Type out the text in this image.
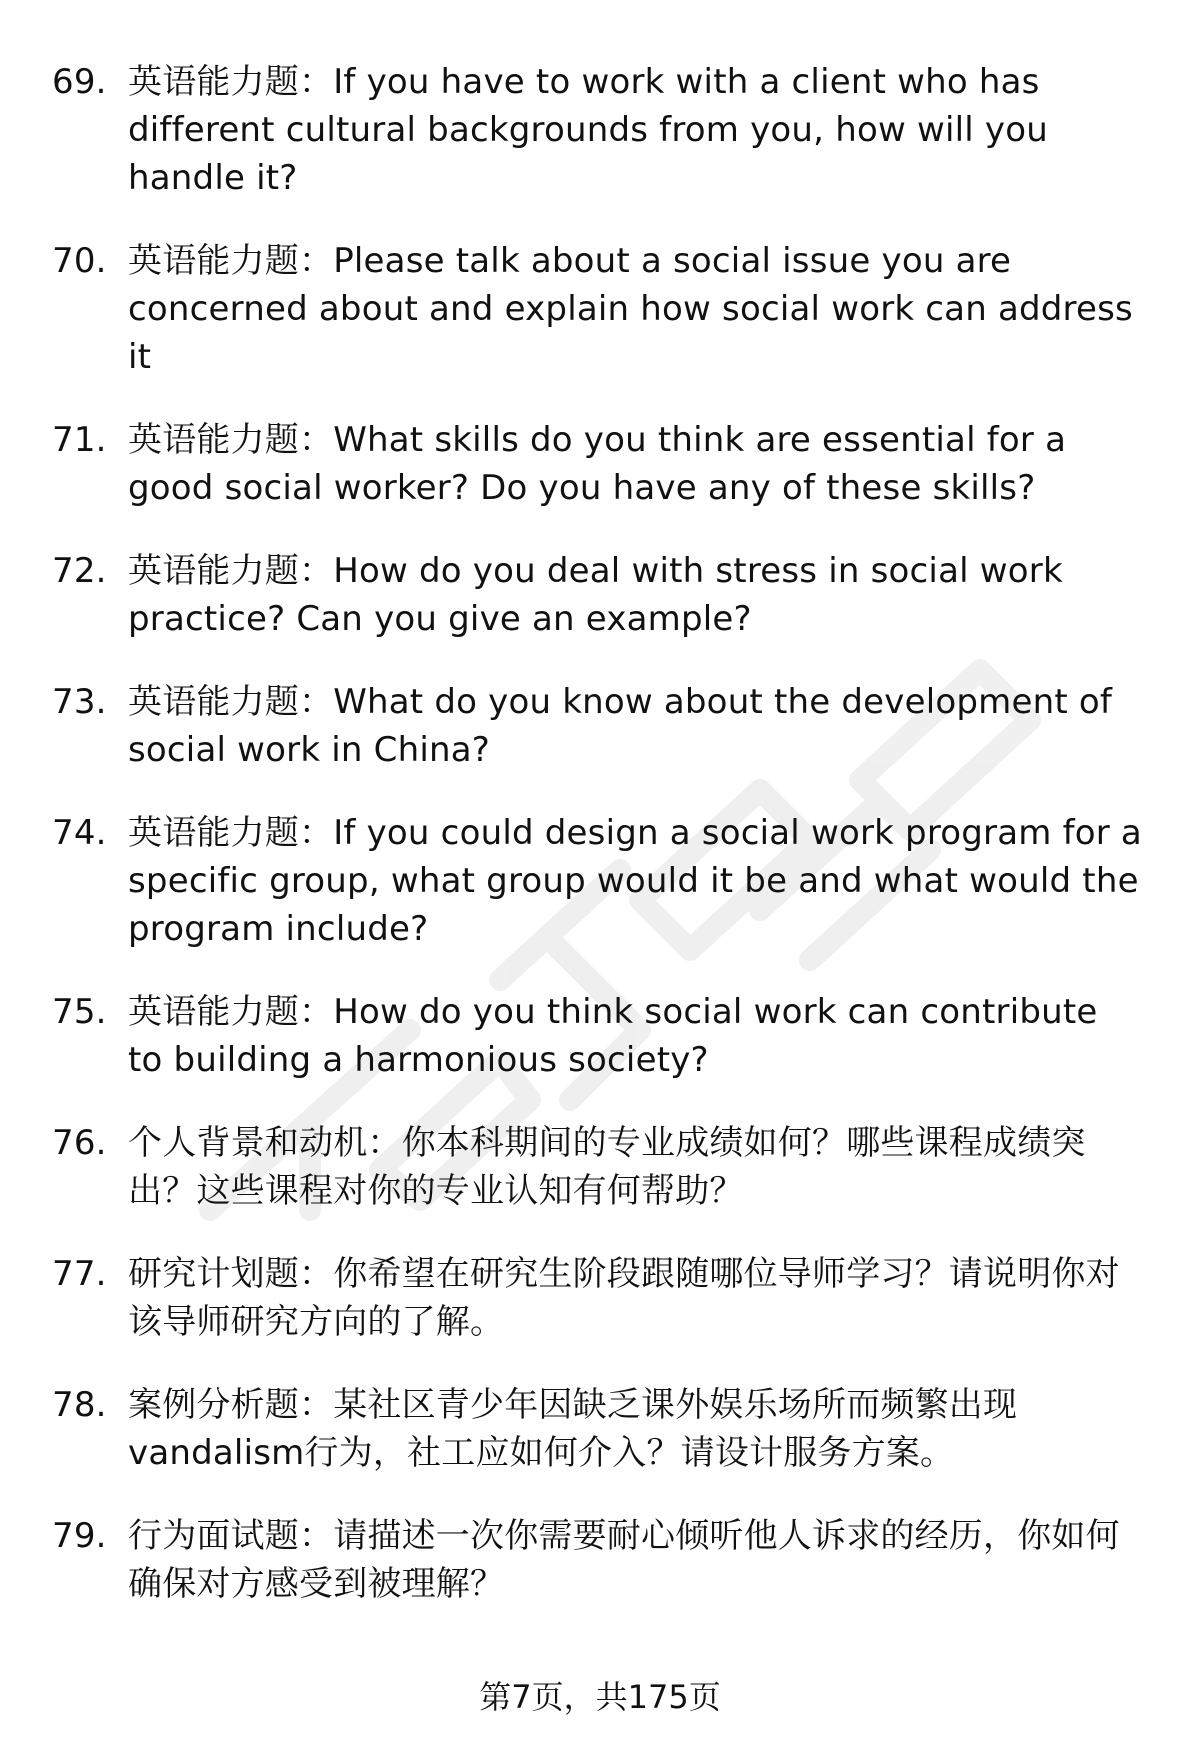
69. 英语能力题：If you have to work with a client who has different cultural backgrounds from you, how will you handle it?
70. 英语能力题：Please talk about a social issue you are concerned about and explain how social work can address it
71. 英语能力题：What skills do you think are essential for a good social worker? Do you have any of these skills?
72. 英语能力题：How do you deal with stress in social work practice? Can you give an example?
73. 英语能力题：What do you know about the development of social work in China?
74. 英语能力题：If you could design a social work program for a specific group, what group would it be and what would the program include?
75. 英语能力题：How do you think social work can contribute to building a harmonious society?
76. 个人背景和动机：你本科期间的专业成绩如何？哪些课程成绩突出？这些课程对你的专业认知有何帮助？
77. 研究计划题：你希望在研究生阶段跟随哪位导师学习？请说明你对该导师研究方向的了解。
78. 案例分析题：某社区青少年因缺乏课外娱乐场所而频繁出现vandalism行为，社工应如何介入？请设计服务方案。
79. 行为面试题：请描述一次你需要耐心倾听他人诉求的经历，你如何确保对方感受到被理解？
第7页，共175页
